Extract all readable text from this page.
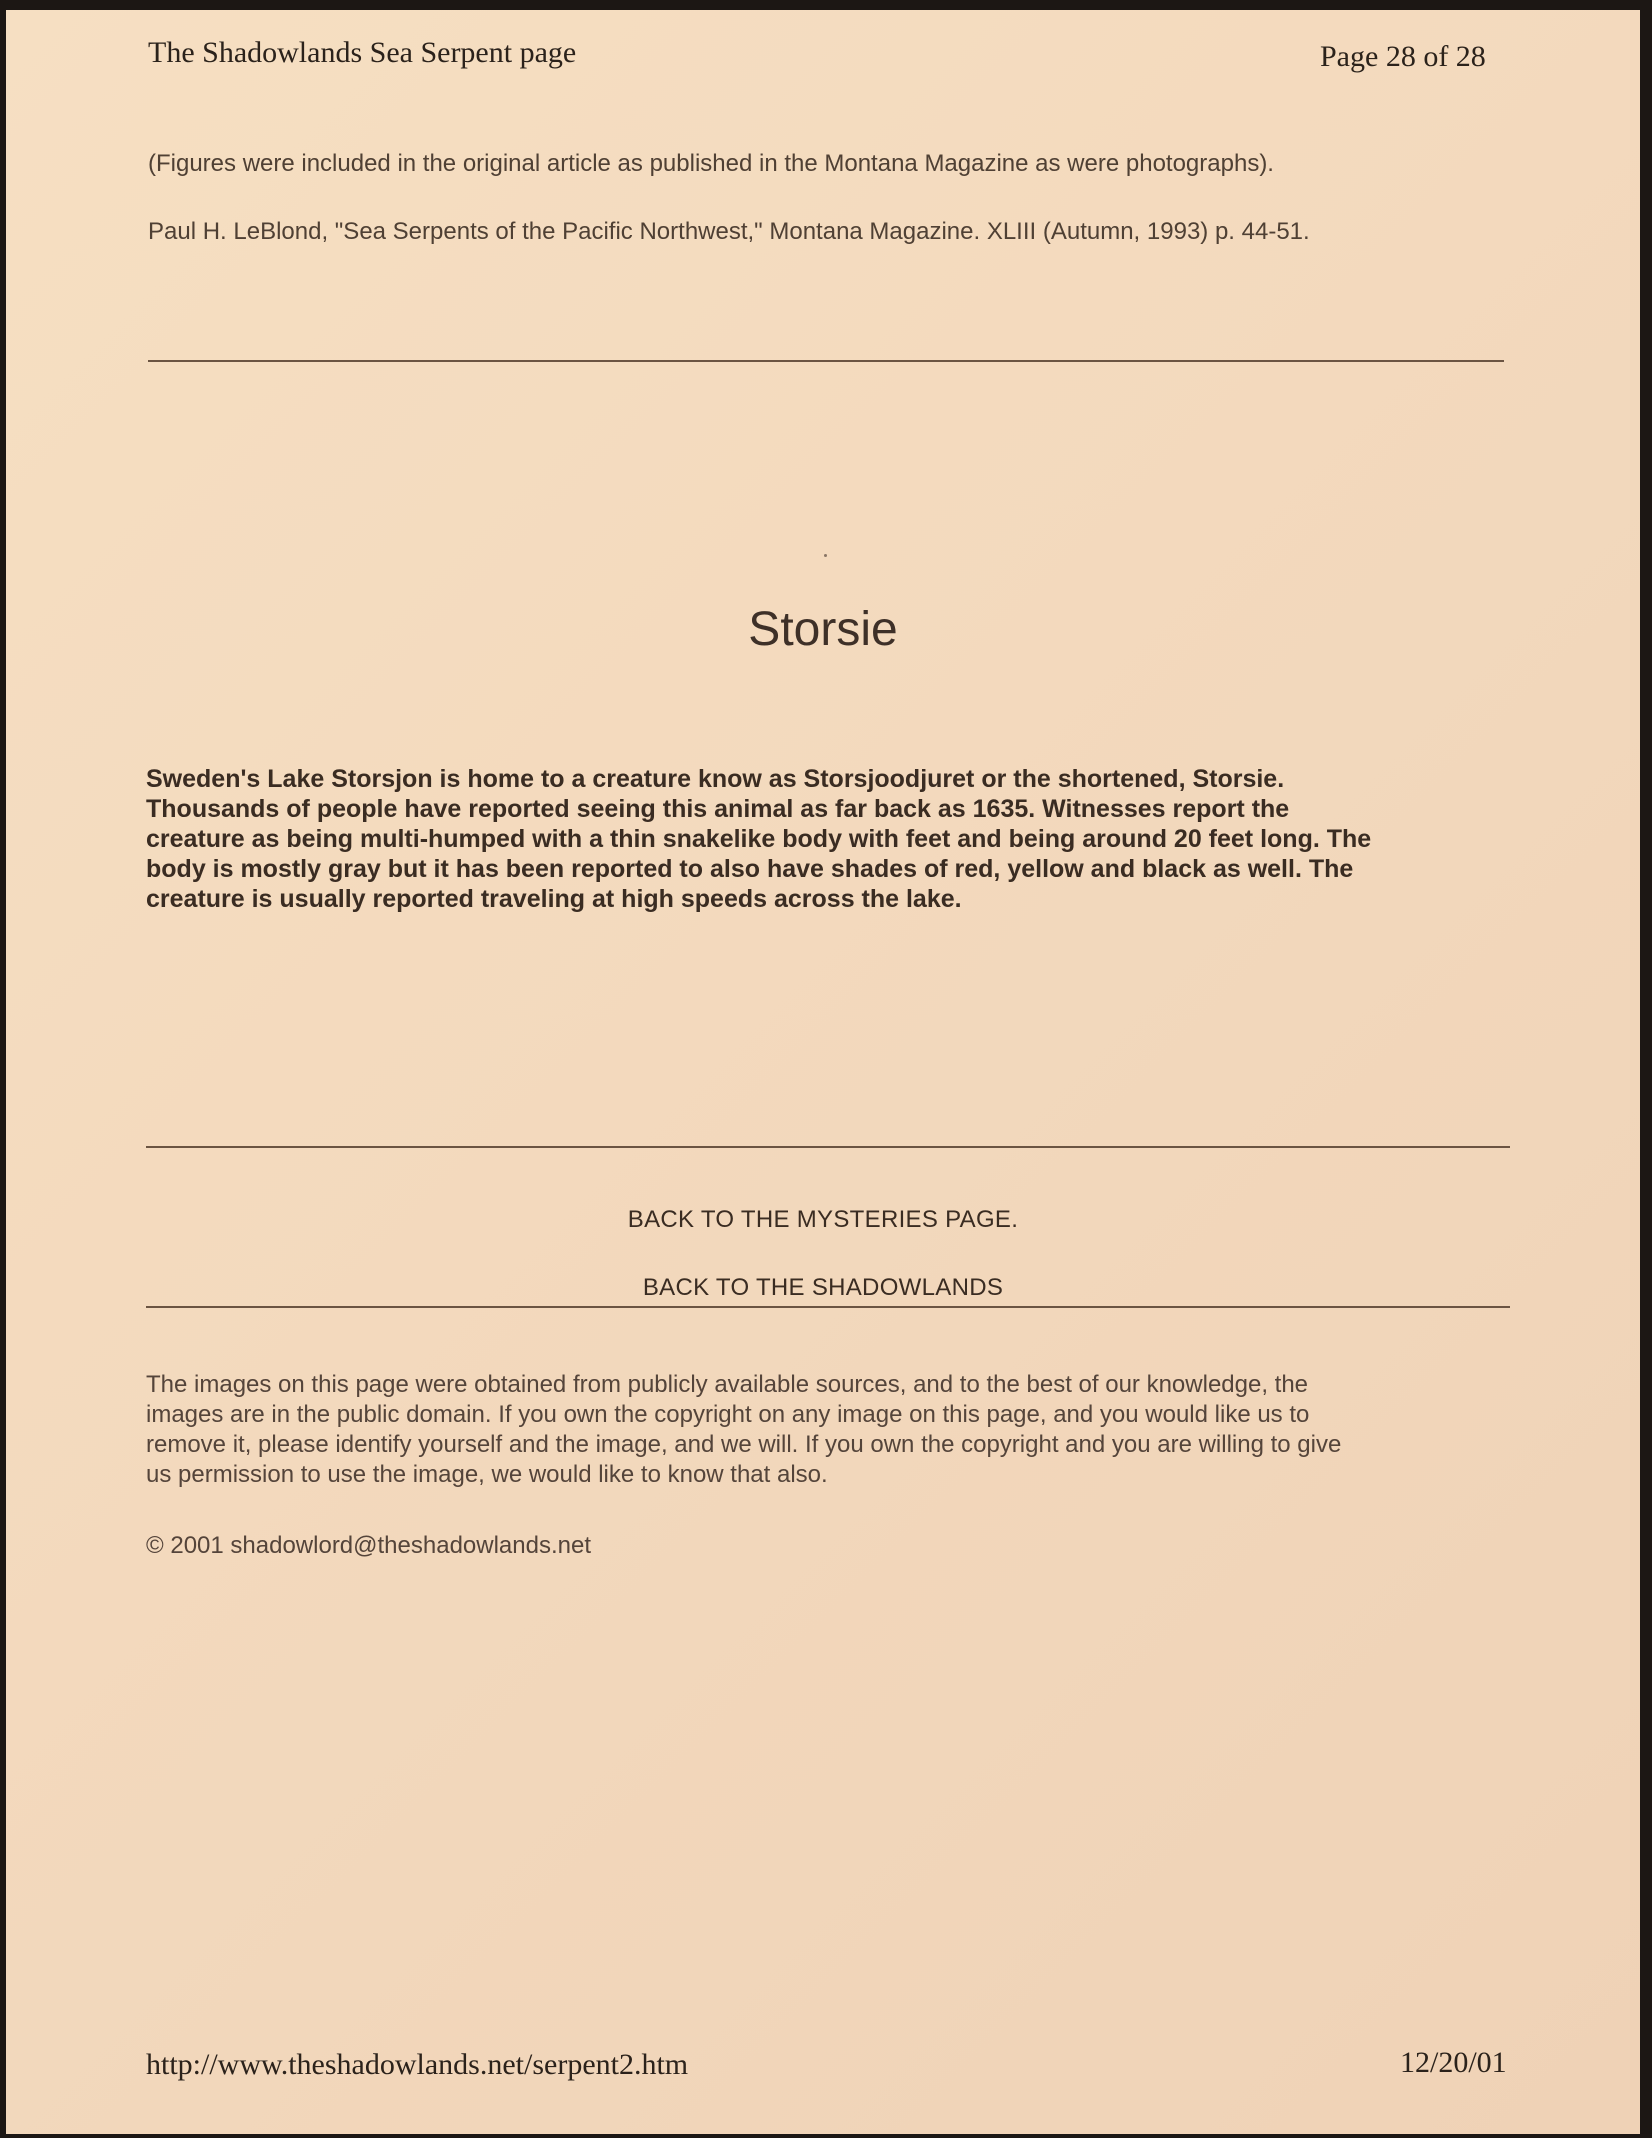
The Shadowlands Sea Serpent page	Page 28 of 28
(Figures were included in the original article as published in the Montana Magazine as were photographs).
Paul H. LeBlond, "Sea Serpents of the Pacific Northwest," Montana Magazine. XLIII (Autumn, 1993) p. 44-51.
Storsie
Sweden's Lake Storsjon is home to a creature know as Storsjoodjuret or the shortened, Storsie.
Thousands of people have reported seeing this animal as far back as 1635. Witnesses report the
creature as being multi-humped with a thin snakelike body with feet and being around 20 feet long. The
body is mostly gray but it has been reported to also have shades of red, yellow and black as well. The
creature is usually reported traveling at high speeds across the lake.
BACK TO THE MYSTERIES PAGE.
BACK TO THE SHADOWLANDS
The images on this page were obtained from publicly available sources, and to the best of our knowledge, the
images are in the public domain. If you own the copyright on any image on this page, and you would like us to
remove it, please identify yourself and the image, and we will. If you own the copyright and you are willing to give
us permission to use the image, we would like to know that also.
© 2001 shadowlord@theshadowlands.net
http://www.theshadowlands.net/serpent2.htm	12/20/01
